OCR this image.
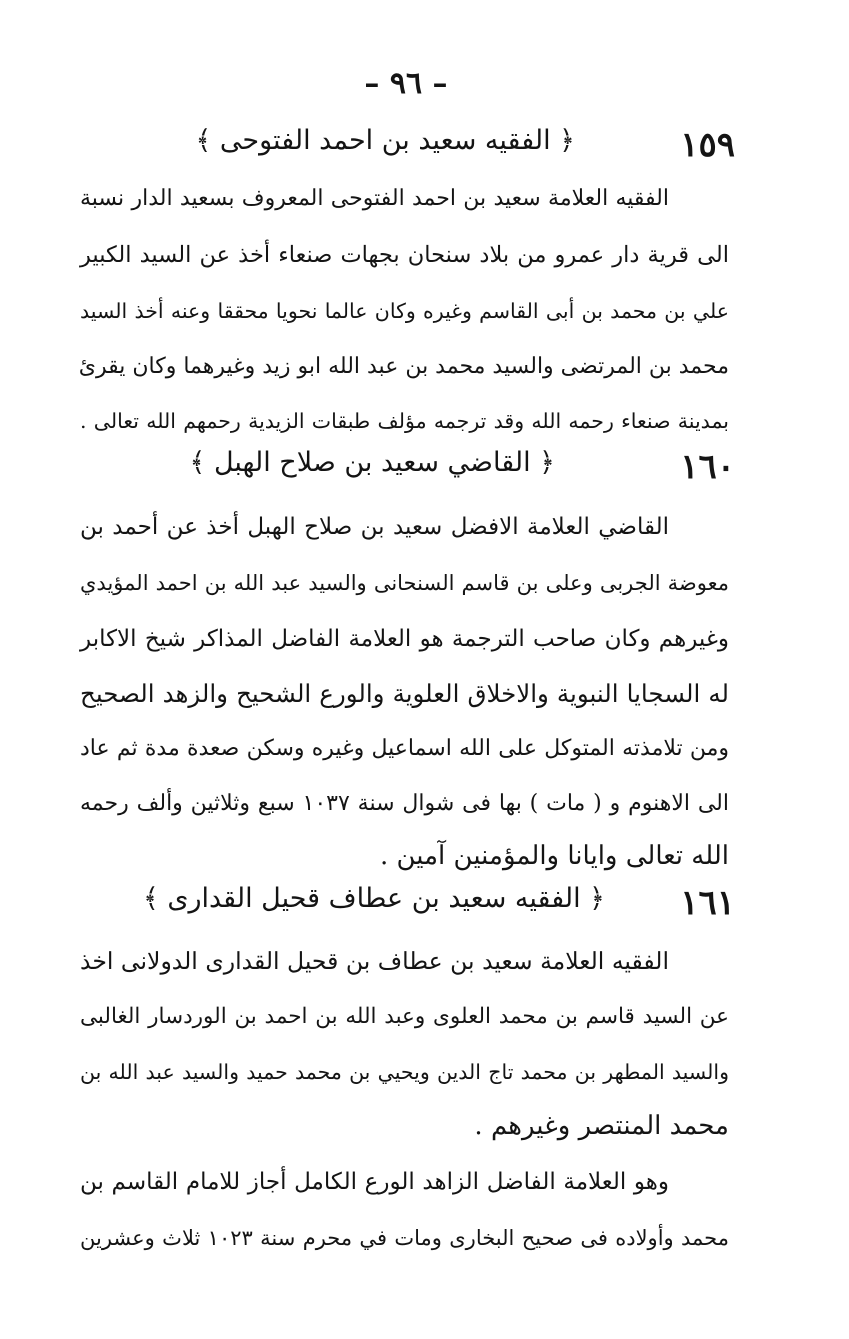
– ٩٦ –
١٥٩
﴿ الفقيه سعيد بن احمد الفتوحى ﴾
الفقيه العلامة سعيد بن احمد الفتوحى المعروف بسعيد الدار نسبة
الى قرية دار عمرو من بلاد سنحان بجهات صنعاء أخذ عن السيد الكبير
علي بن محمد بن أبى القاسم وغيره وكان عالما نحويا محققا وعنه أخذ السيد
محمد بن المرتضى والسيد محمد بن عبد الله ابو زيد وغيرهما وكان يقرئ
بمدينة صنعاء رحمه الله وقد ترجمه مؤلف طبقات الزيدية رحمهم الله تعالى .
١٦٠
﴿ القاضي سعيد بن صلاح الهبل ﴾
القاضي العلامة الافضل سعيد بن صلاح الهبل أخذ عن أحمد بن
معوضة الجربى وعلى بن قاسم السنحانى والسيد عبد الله بن احمد المؤيدي
وغيرهم وكان صاحب الترجمة هو العلامة الفاضل المذاكر شيخ الاكابر
له السجايا النبوية والاخلاق العلوية والورع الشحيح والزهد الصحيح
ومن تلامذته المتوكل على الله اسماعيل وغيره وسكن صعدة مدة ثم عاد
الى الاهنوم و ( مات ) بها فى شوال سنة ١٠٣٧ سبع وثلاثين وألف رحمه
الله تعالى وايانا والمؤمنين آمين .
١٦١
﴿ الفقيه سعيد بن عطاف قحيل القدارى ﴾
الفقيه العلامة سعيد بن عطاف بن قحيل القدارى الدولانى اخذ
عن السيد قاسم بن محمد العلوى وعبد الله بن احمد بن الوردسار الغالبى
والسيد المطهر بن محمد تاج الدين ويحيي بن محمد حميد والسيد عبد الله بن
محمد المنتصر وغيرهم .
وهو العلامة الفاضل الزاهد الورع الكامل أجاز للامام القاسم بن
محمد وأولاده فى صحيح البخارى ومات في محرم سنة ١٠٢٣ ثلاث وعشرين
